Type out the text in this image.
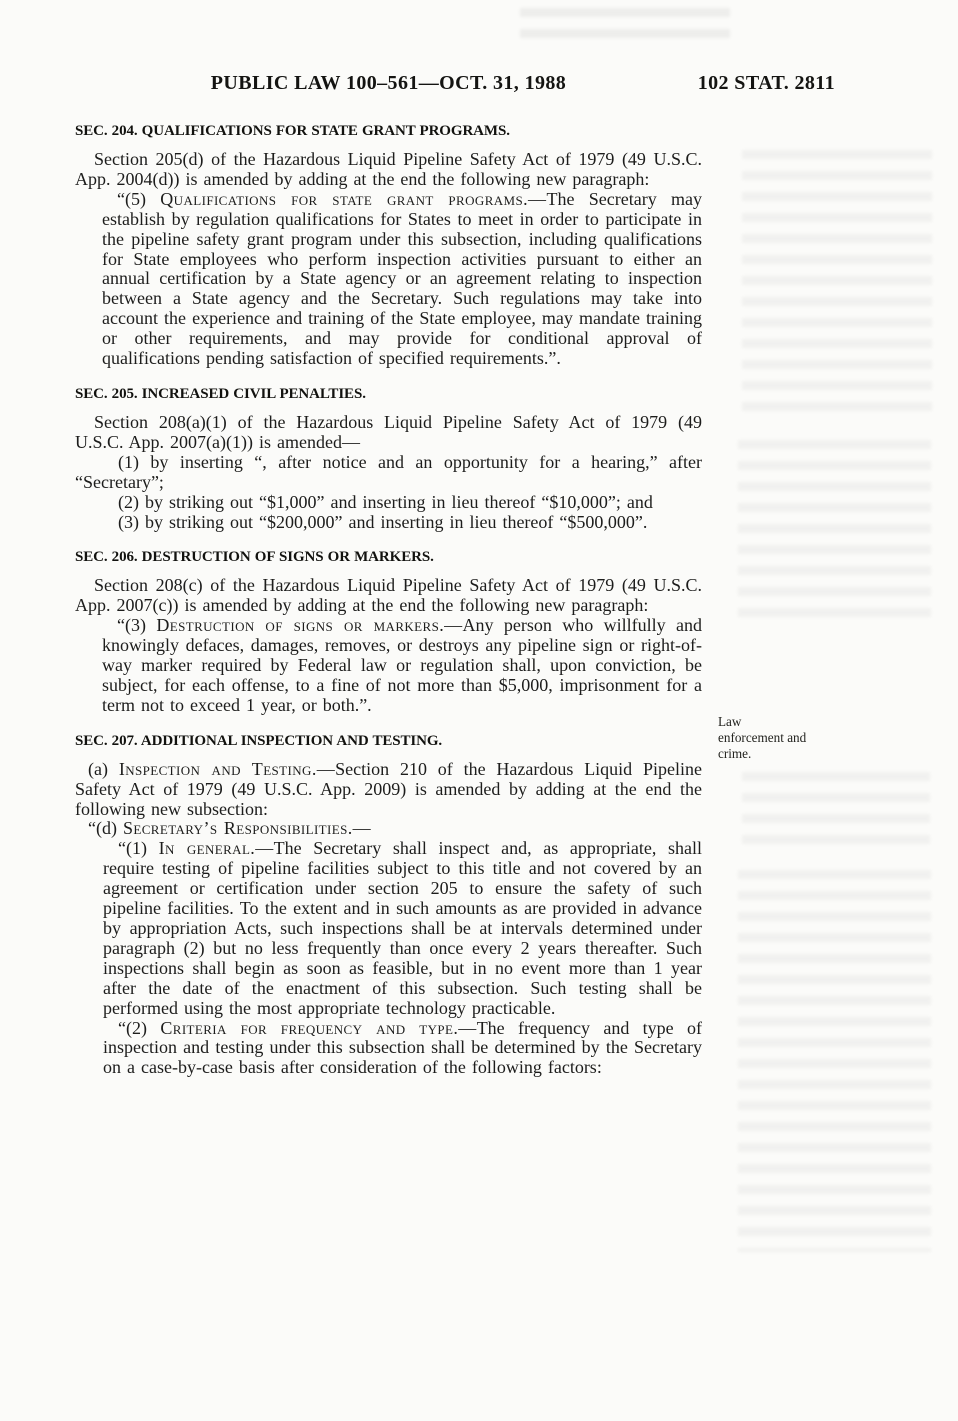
PUBLIC LAW 100–561—OCT. 31, 1988	102 STAT. 2811
SEC. 204. QUALIFICATIONS FOR STATE GRANT PROGRAMS.

Section 205(d) of the Hazardous Liquid Pipeline Safety Act of 1979 (49 U.S.C. App. 2004(d)) is amended by adding at the end the following new paragraph:

“(5) Qualifications for state grant programs.—The Secretary may establish by regulation qualifications for States to meet in order to participate in the pipeline safety grant program under this subsection, including qualifications for State employees who perform inspection activities pursuant to either an annual certification by a State agency or an agreement relating to inspection between a State agency and the Secretary. Such regulations may take into account the experience and training of the State employee, may mandate training or other requirements, and may provide for conditional approval of qualifications pending satisfaction of specified requirements.”.

SEC. 205. INCREASED CIVIL PENALTIES.

Section 208(a)(1) of the Hazardous Liquid Pipeline Safety Act of 1979 (49 U.S.C. App. 2007(a)(1)) is amended—

(1) by inserting “, after notice and an opportunity for a hearing,” after “Secretary”;

(2) by striking out “$1,000” and inserting in lieu thereof “$10,000”; and

(3) by striking out “$200,000” and inserting in lieu thereof “$500,000”.

SEC. 206. DESTRUCTION OF SIGNS OR MARKERS.

Section 208(c) of the Hazardous Liquid Pipeline Safety Act of 1979 (49 U.S.C. App. 2007(c)) is amended by adding at the end the following new paragraph:

“(3) Destruction of signs or markers.—Any person who willfully and knowingly defaces, damages, removes, or destroys any pipeline sign or right-of-way marker required by Federal law or regulation shall, upon conviction, be subject, for each offense, to a fine of not more than $5,000, imprisonment for a term not to exceed 1 year, or both.”.

SEC. 207. ADDITIONAL INSPECTION AND TESTING.

(a) Inspection and Testing.—Section 210 of the Hazardous Liquid Pipeline Safety Act of 1979 (49 U.S.C. App. 2009) is amended by adding at the end the following new subsection:

“(d) Secretary’s Responsibilities.—

“(1) In general.—The Secretary shall inspect and, as appropriate, shall require testing of pipeline facilities subject to this title and not covered by an agreement or certification under section 205 to ensure the safety of such pipeline facilities. To the extent and in such amounts as are provided in advance by appropriation Acts, such inspections shall be at intervals determined under paragraph (2) but no less frequently than once every 2 years thereafter. Such inspections shall begin as soon as feasible, but in no event more than 1 year after the date of the enactment of this subsection. Such testing shall be performed using the most appropriate technology practicable.

“(2) Criteria for frequency and type.—The frequency and type of inspection and testing under this subsection shall be determined by the Secretary on a case-by-case basis after consideration of the following factors:

Law
enforcement and
crime.
